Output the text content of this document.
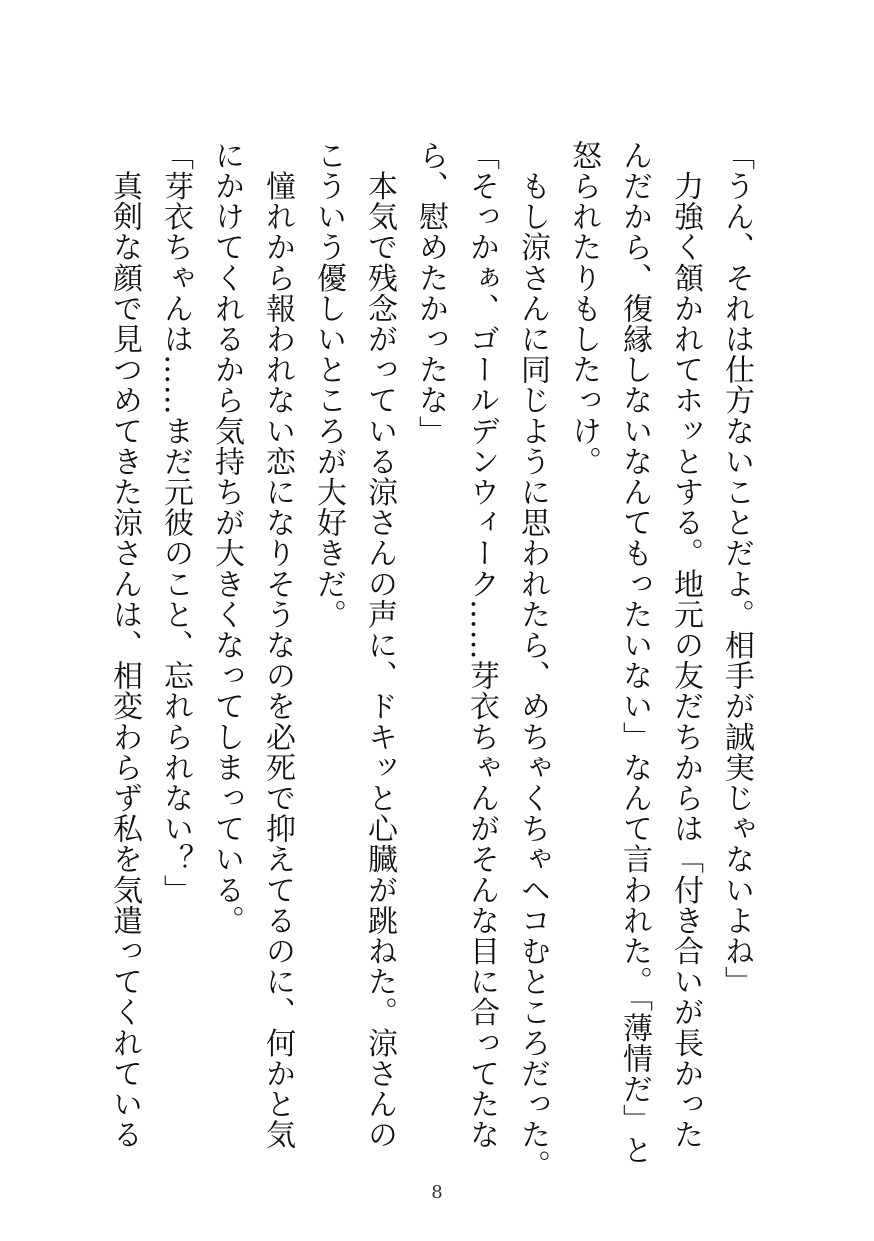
「うん、それは仕方ないことだよ。相手が誠実じゃないよね」
　力強く頷かれてホッとする。地元の友だちからは「付き合いが長かった
んだから、復縁しないなんてもったいない」なんて言われた。「薄情だ」と
怒られたりもしたっけ。
　もし涼さんに同じように思われたら、めちゃくちゃヘコむところだった。
「そっかぁ、ゴールデンウィーク……芽衣ちゃんがそんな目に合ってたな
ら、慰めたかったな」
　本気で残念がっている涼さんの声に、ドキッと心臓が跳ねた。涼さんの
こういう優しいところが大好きだ。
　憧れから報われない恋になりそうなのを必死で抑えてるのに、何かと気
にかけてくれるから気持ちが大きくなってしまっている。
「芽衣ちゃんは……まだ元彼のこと、忘れられない？」
　真剣な顔で見つめてきた涼さんは、相変わらず私を気遣ってくれている
8
